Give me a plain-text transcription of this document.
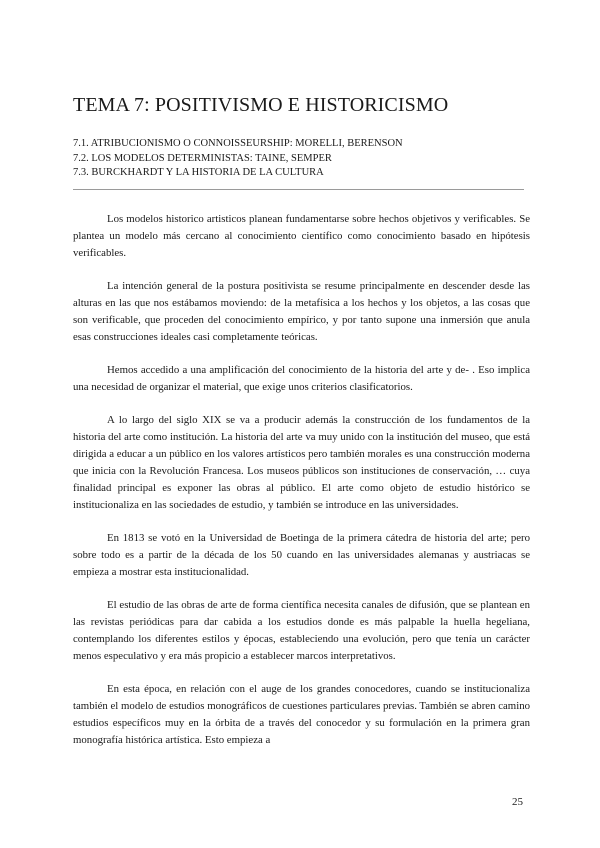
TEMA 7: POSITIVISMO E HISTORICISMO
7.1. ATRIBUCIONISMO O CONNOISSEURSHIP: MORELLI, BERENSON
7.2. LOS MODELOS DETERMINISTAS: TAINE, SEMPER
7.3. BURCKHARDT Y LA HISTORIA DE LA CULTURA

Los modelos historico artisticos planean fundamentarse sobre hechos objetivos y verificables. Se plantea un modelo más cercano al conocimiento científico como conocimiento basado en hipótesis verificables.

La intención general de la postura positivista se resume principalmente en descender desde las alturas en las que nos estábamos moviendo: de la metafísica a los hechos y los objetos, a las cosas que son verificable, que proceden del conocimiento empírico, y por tanto supone una inmersión que anula esas construcciones ideales casi completamente teóricas.

Hemos accedido a una amplificación del conocimiento de la historia del arte y de- . Eso implica una necesidad de organizar el material, que exige unos criterios clasificatorios.

A lo largo del siglo XIX se va a producir además la construcción de los fundamentos de la historia del arte como institución. La historia del arte va muy unido con la institución del museo, que está dirigida a educar a un público en los valores artísticos pero también morales es una construcción moderna que inicia con la Revolución Francesa. Los museos públicos son instituciones de conservación, … cuya finalidad principal es exponer las obras al público. El arte como objeto de estudio histórico se institucionaliza en las sociedades de estudio, y también se introduce en las universidades.

En 1813 se votó en la Universidad de Boetinga de la primera cátedra de historia del arte; pero sobre todo es a partir de la década de los 50 cuando en las universidades alemanas y austriacas se empieza a mostrar esta institucionalidad.

El estudio de las obras de arte de forma científica necesita canales de difusión, que se plantean en las revistas periódicas para dar cabida a los estudios donde es más palpable la huella hegeliana, contemplando los diferentes estilos y épocas, estableciendo una evolución, pero que tenía un carácter menos especulativo y era más propicio a establecer marcos interpretativos.

En esta época, en relación con el auge de los grandes conocedores, cuando se institucionaliza también el modelo de estudios monográficos de cuestiones particulares previas. También se abren camino estudios específicos muy en la órbita de a través del conocedor y su formulación en la primera gran monografía histórica artística. Esto empieza a

25
